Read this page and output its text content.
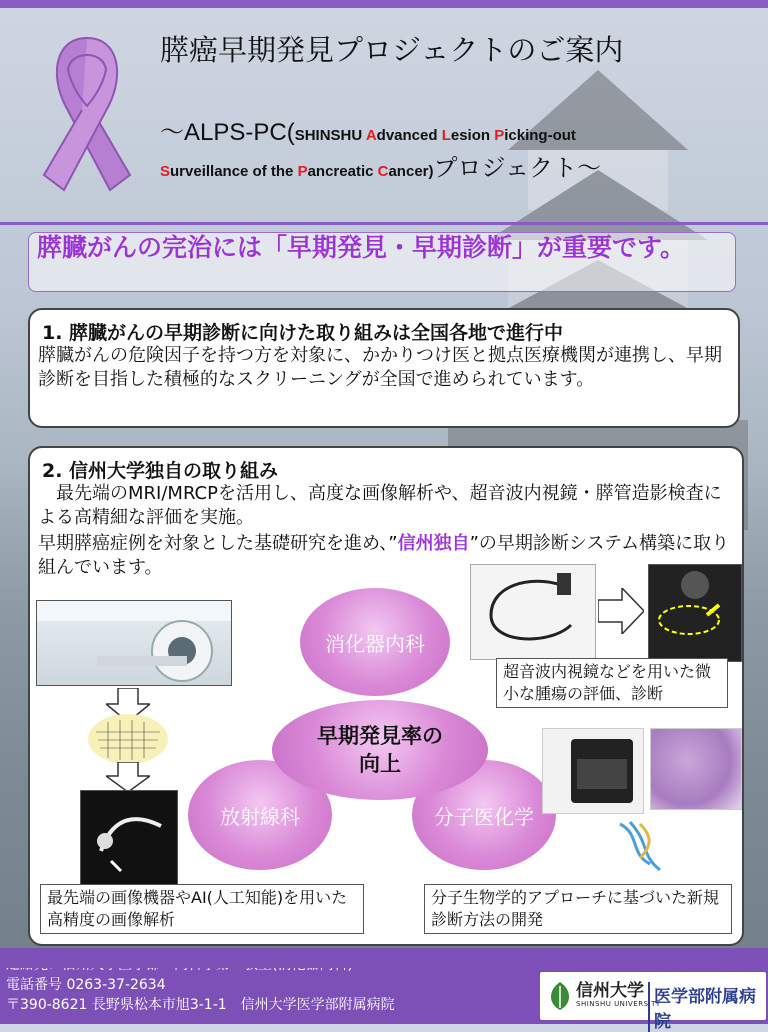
膵癌早期発見プロジェクトのご案内
〜ALPS-PC(SHINSHU Advanced Lesion Picking-out
Surveillance of the Pancreatic Cancer)プロジェクト〜
膵臓がんの完治には「早期発見・早期診断」が重要です。
1. 膵臓がんの早期診断に向けた取り組みは全国各地で進行中
膵臓がんの危険因子を持つ方を対象に、かかりつけ医と拠点医療機関が連携し、早期診断を目指した積極的なスクリーニングが全国で進められています。
2. 信州大学独自の取り組み
最先端のMRI/MRCPを活用し、高度な画像解析や、超音波内視鏡・膵管造影検査による高精細な評価を実施。
早期膵癌症例を対象とした基礎研究を進め、”信州独自”の早期診断システム構築に取り組んでいます。
消化器内科
放射線科	分子医化学
早期発見率の
向上
超音波内視鏡などを用いた微小な腫瘍の評価、診断
最先端の画像機器やAI(人工知能)を用いた高精度の画像解析
分子生物学的アプローチに基づいた新規診断方法の開発
電話番号 0263-37-2634
〒390-8621 長野県松本市旭3-1-1　信州大学医学部附属病院
信州大学
SHINSHU UNIVERSITY
医学部附属病院
